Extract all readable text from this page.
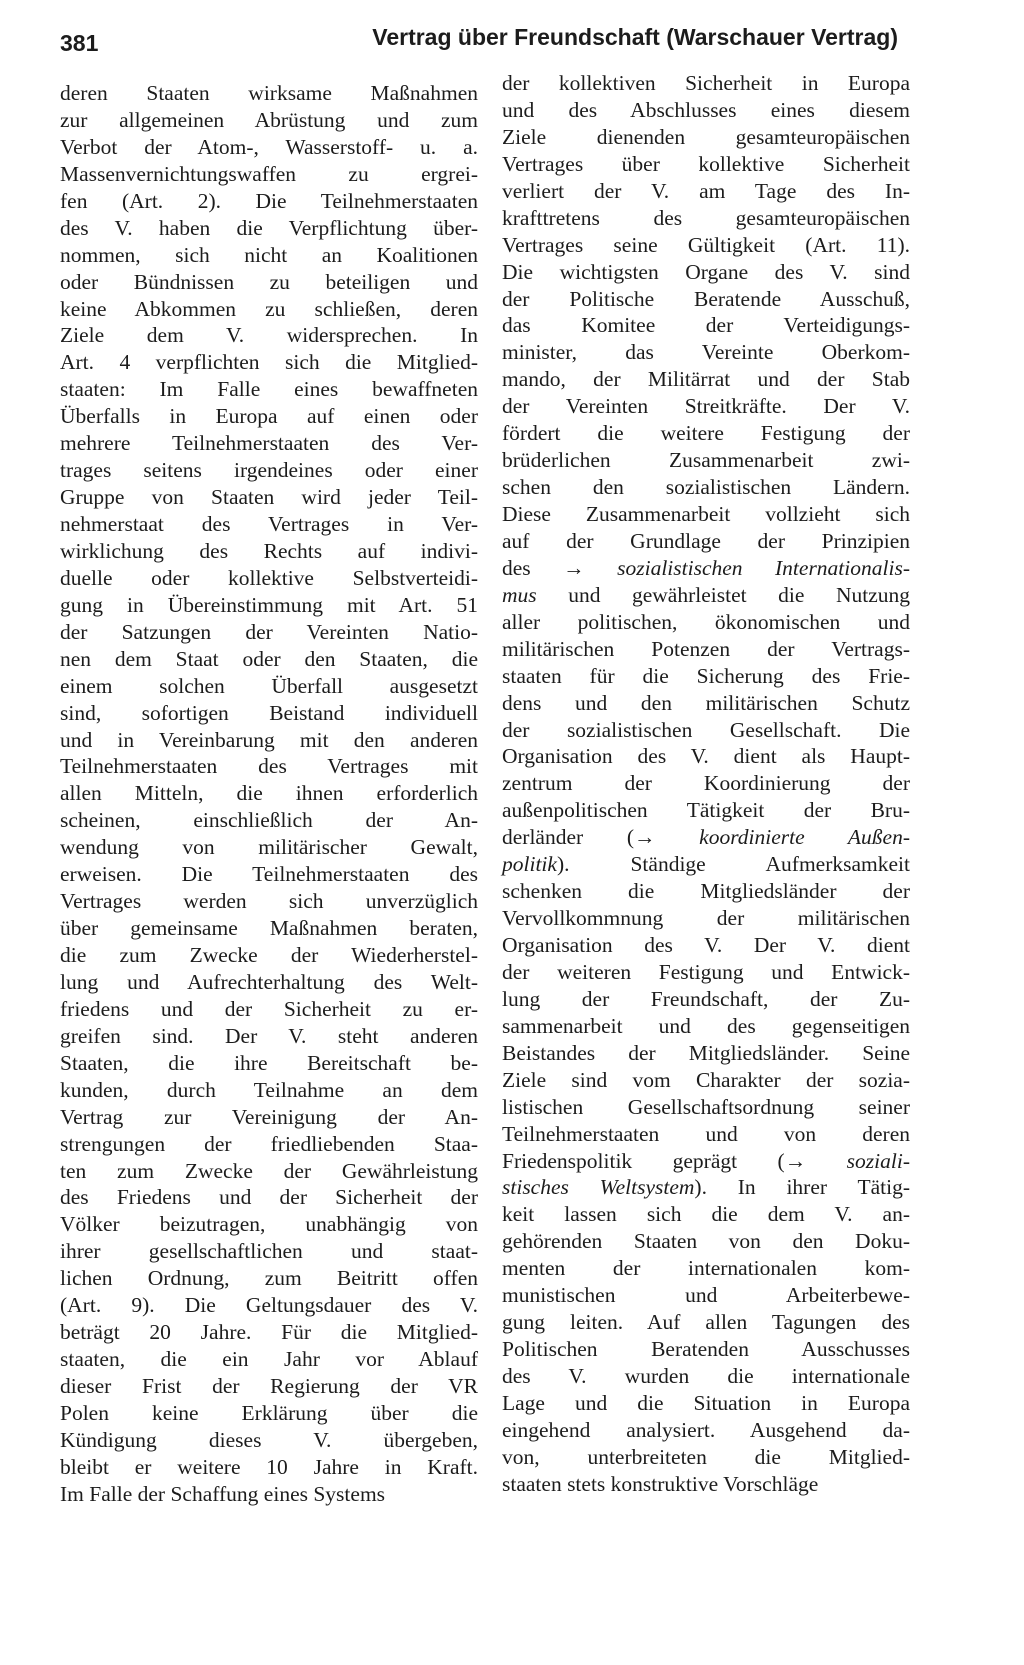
381	Vertrag über Freundschaft (Warschauer Vertrag)
deren Staaten wirksame Maßnahmen
zur allgemeinen Abrüstung und zum
Verbot der Atom-, Wasserstoff- u. a.
Massenvernichtungswaffen zu ergrei-
fen (Art. 2). Die Teilnehmerstaaten
des V. haben die Verpflichtung über-
nommen, sich nicht an Koalitionen
oder Bündnissen zu beteiligen und
keine Abkommen zu schließen, deren
Ziele dem V. widersprechen. In
Art. 4 verpflichten sich die Mitglied-
staaten: Im Falle eines bewaffneten
Überfalls in Europa auf einen oder
mehrere Teilnehmerstaaten des Ver-
trages seitens irgendeines oder einer
Gruppe von Staaten wird jeder Teil-
nehmerstaat des Vertrages in Ver-
wirklichung des Rechts auf indivi-
duelle oder kollektive Selbstverteidi-
gung in Übereinstimmung mit Art. 51
der Satzungen der Vereinten Natio-
nen dem Staat oder den Staaten, die
einem solchen Überfall ausgesetzt
sind, sofortigen Beistand individuell
und in Vereinbarung mit den anderen
Teilnehmerstaaten des Vertrages mit
allen Mitteln, die ihnen erforderlich
scheinen, einschließlich der An-
wendung von militärischer Gewalt,
erweisen. Die Teilnehmerstaaten des
Vertrages werden sich unverzüglich
über gemeinsame Maßnahmen beraten,
die zum Zwecke der Wiederherstel-
lung und Aufrechterhaltung des Welt-
friedens und der Sicherheit zu er-
greifen sind. Der V. steht anderen
Staaten, die ihre Bereitschaft be-
kunden, durch Teilnahme an dem
Vertrag zur Vereinigung der An-
strengungen der friedliebenden Staa-
ten zum Zwecke der Gewährleistung
des Friedens und der Sicherheit der
Völker beizutragen, unabhängig von
ihrer gesellschaftlichen und staat-
lichen Ordnung, zum Beitritt offen
(Art. 9). Die Geltungsdauer des V.
beträgt 20 Jahre. Für die Mitglied-
staaten, die ein Jahr vor Ablauf
dieser Frist der Regierung der VR
Polen keine Erklärung über die
Kündigung dieses V. übergeben,
bleibt er weitere 10 Jahre in Kraft.
Im Falle der Schaffung eines Systems
der kollektiven Sicherheit in Europa
und des Abschlusses eines diesem
Ziele dienenden gesamteuropäischen
Vertrages über kollektive Sicherheit
verliert der V. am Tage des In-
krafttretens des gesamteuropäischen
Vertrages seine Gültigkeit (Art. 11).
Die wichtigsten Organe des V. sind
der Politische Beratende Ausschuß,
das Komitee der Verteidigungs-
minister, das Vereinte Oberkom-
mando, der Militärrat und der Stab
der Vereinten Streitkräfte. Der V.
fördert die weitere Festigung der
brüderlichen Zusammenarbeit zwi-
schen den sozialistischen Ländern.
Diese Zusammenarbeit vollzieht sich
auf der Grundlage der Prinzipien
des → sozialistischen Internationalis-
mus und gewährleistet die Nutzung
aller politischen, ökonomischen und
militärischen Potenzen der Vertrags-
staaten für die Sicherung des Frie-
dens und den militärischen Schutz
der sozialistischen Gesellschaft. Die
Organisation des V. dient als Haupt-
zentrum der Koordinierung der
außenpolitischen Tätigkeit der Bru-
derländer (→ koordinierte Außen-
politik). Ständige Aufmerksamkeit
schenken die Mitgliedsländer der
Vervollkommnung der militärischen
Organisation des V. Der V. dient
der weiteren Festigung und Entwick-
lung der Freundschaft, der Zu-
sammenarbeit und des gegenseitigen
Beistandes der Mitgliedsländer. Seine
Ziele sind vom Charakter der sozia-
listischen Gesellschaftsordnung seiner
Teilnehmerstaaten und von deren
Friedenspolitik geprägt (→ soziali-
stisches Weltsystem). In ihrer Tätig-
keit lassen sich die dem V. an-
gehörenden Staaten von den Doku-
menten der internationalen kom-
munistischen und Arbeiterbewe-
gung leiten. Auf allen Tagungen des
Politischen Beratenden Ausschusses
des V. wurden die internationale
Lage und die Situation in Europa
eingehend analysiert. Ausgehend da-
von, unterbreiteten die Mitglied-
staaten stets konstruktive Vorschläge
